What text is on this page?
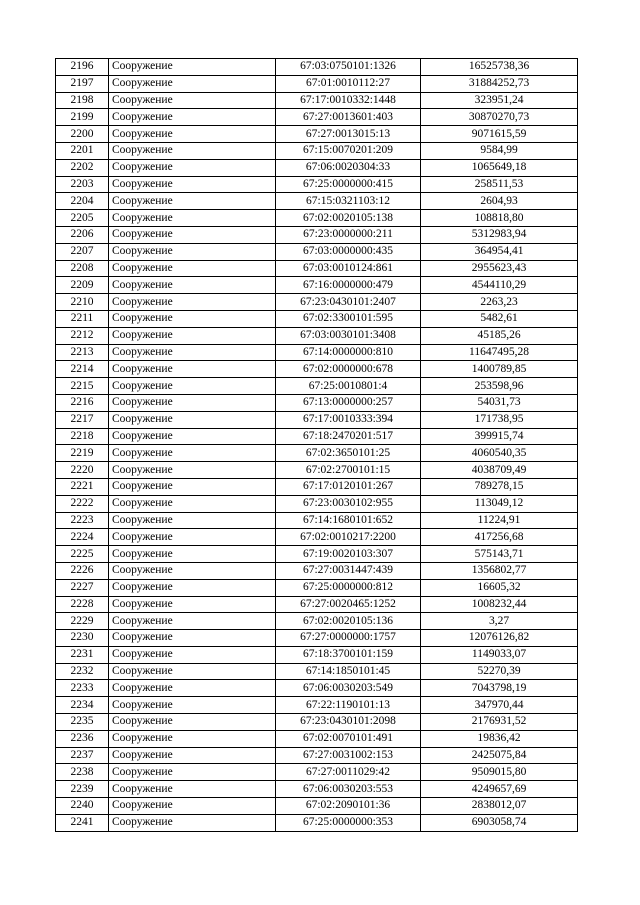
2196	Сооружение	67:03:0750101:1326	16525738,36
2197	Сооружение	67:01:0010112:27	31884252,73
2198	Сооружение	67:17:0010332:1448	323951,24
2199	Сооружение	67:27:0013601:403	30870270,73
2200	Сооружение	67:27:0013015:13	9071615,59
2201	Сооружение	67:15:0070201:209	9584,99
2202	Сооружение	67:06:0020304:33	1065649,18
2203	Сооружение	67:25:0000000:415	258511,53
2204	Сооружение	67:15:0321103:12	2604,93
2205	Сооружение	67:02:0020105:138	108818,80
2206	Сооружение	67:23:0000000:211	5312983,94
2207	Сооружение	67:03:0000000:435	364954,41
2208	Сооружение	67:03:0010124:861	2955623,43
2209	Сооружение	67:16:0000000:479	4544110,29
2210	Сооружение	67:23:0430101:2407	2263,23
2211	Сооружение	67:02:3300101:595	5482,61
2212	Сооружение	67:03:0030101:3408	45185,26
2213	Сооружение	67:14:0000000:810	11647495,28
2214	Сооружение	67:02:0000000:678	1400789,85
2215	Сооружение	67:25:0010801:4	253598,96
2216	Сооружение	67:13:0000000:257	54031,73
2217	Сооружение	67:17:0010333:394	171738,95
2218	Сооружение	67:18:2470201:517	399915,74
2219	Сооружение	67:02:3650101:25	4060540,35
2220	Сооружение	67:02:2700101:15	4038709,49
2221	Сооружение	67:17:0120101:267	789278,15
2222	Сооружение	67:23:0030102:955	113049,12
2223	Сооружение	67:14:1680101:652	11224,91
2224	Сооружение	67:02:0010217:2200	417256,68
2225	Сооружение	67:19:0020103:307	575143,71
2226	Сооружение	67:27:0031447:439	1356802,77
2227	Сооружение	67:25:0000000:812	16605,32
2228	Сооружение	67:27:0020465:1252	1008232,44
2229	Сооружение	67:02:0020105:136	3,27
2230	Сооружение	67:27:0000000:1757	12076126,82
2231	Сооружение	67:18:3700101:159	1149033,07
2232	Сооружение	67:14:1850101:45	52270,39
2233	Сооружение	67:06:0030203:549	7043798,19
2234	Сооружение	67:22:1190101:13	347970,44
2235	Сооружение	67:23:0430101:2098	2176931,52
2236	Сооружение	67:02:0070101:491	19836,42
2237	Сооружение	67:27:0031002:153	2425075,84
2238	Сооружение	67:27:0011029:42	9509015,80
2239	Сооружение	67:06:0030203:553	4249657,69
2240	Сооружение	67:02:2090101:36	2838012,07
2241	Сооружение	67:25:0000000:353	6903058,74
